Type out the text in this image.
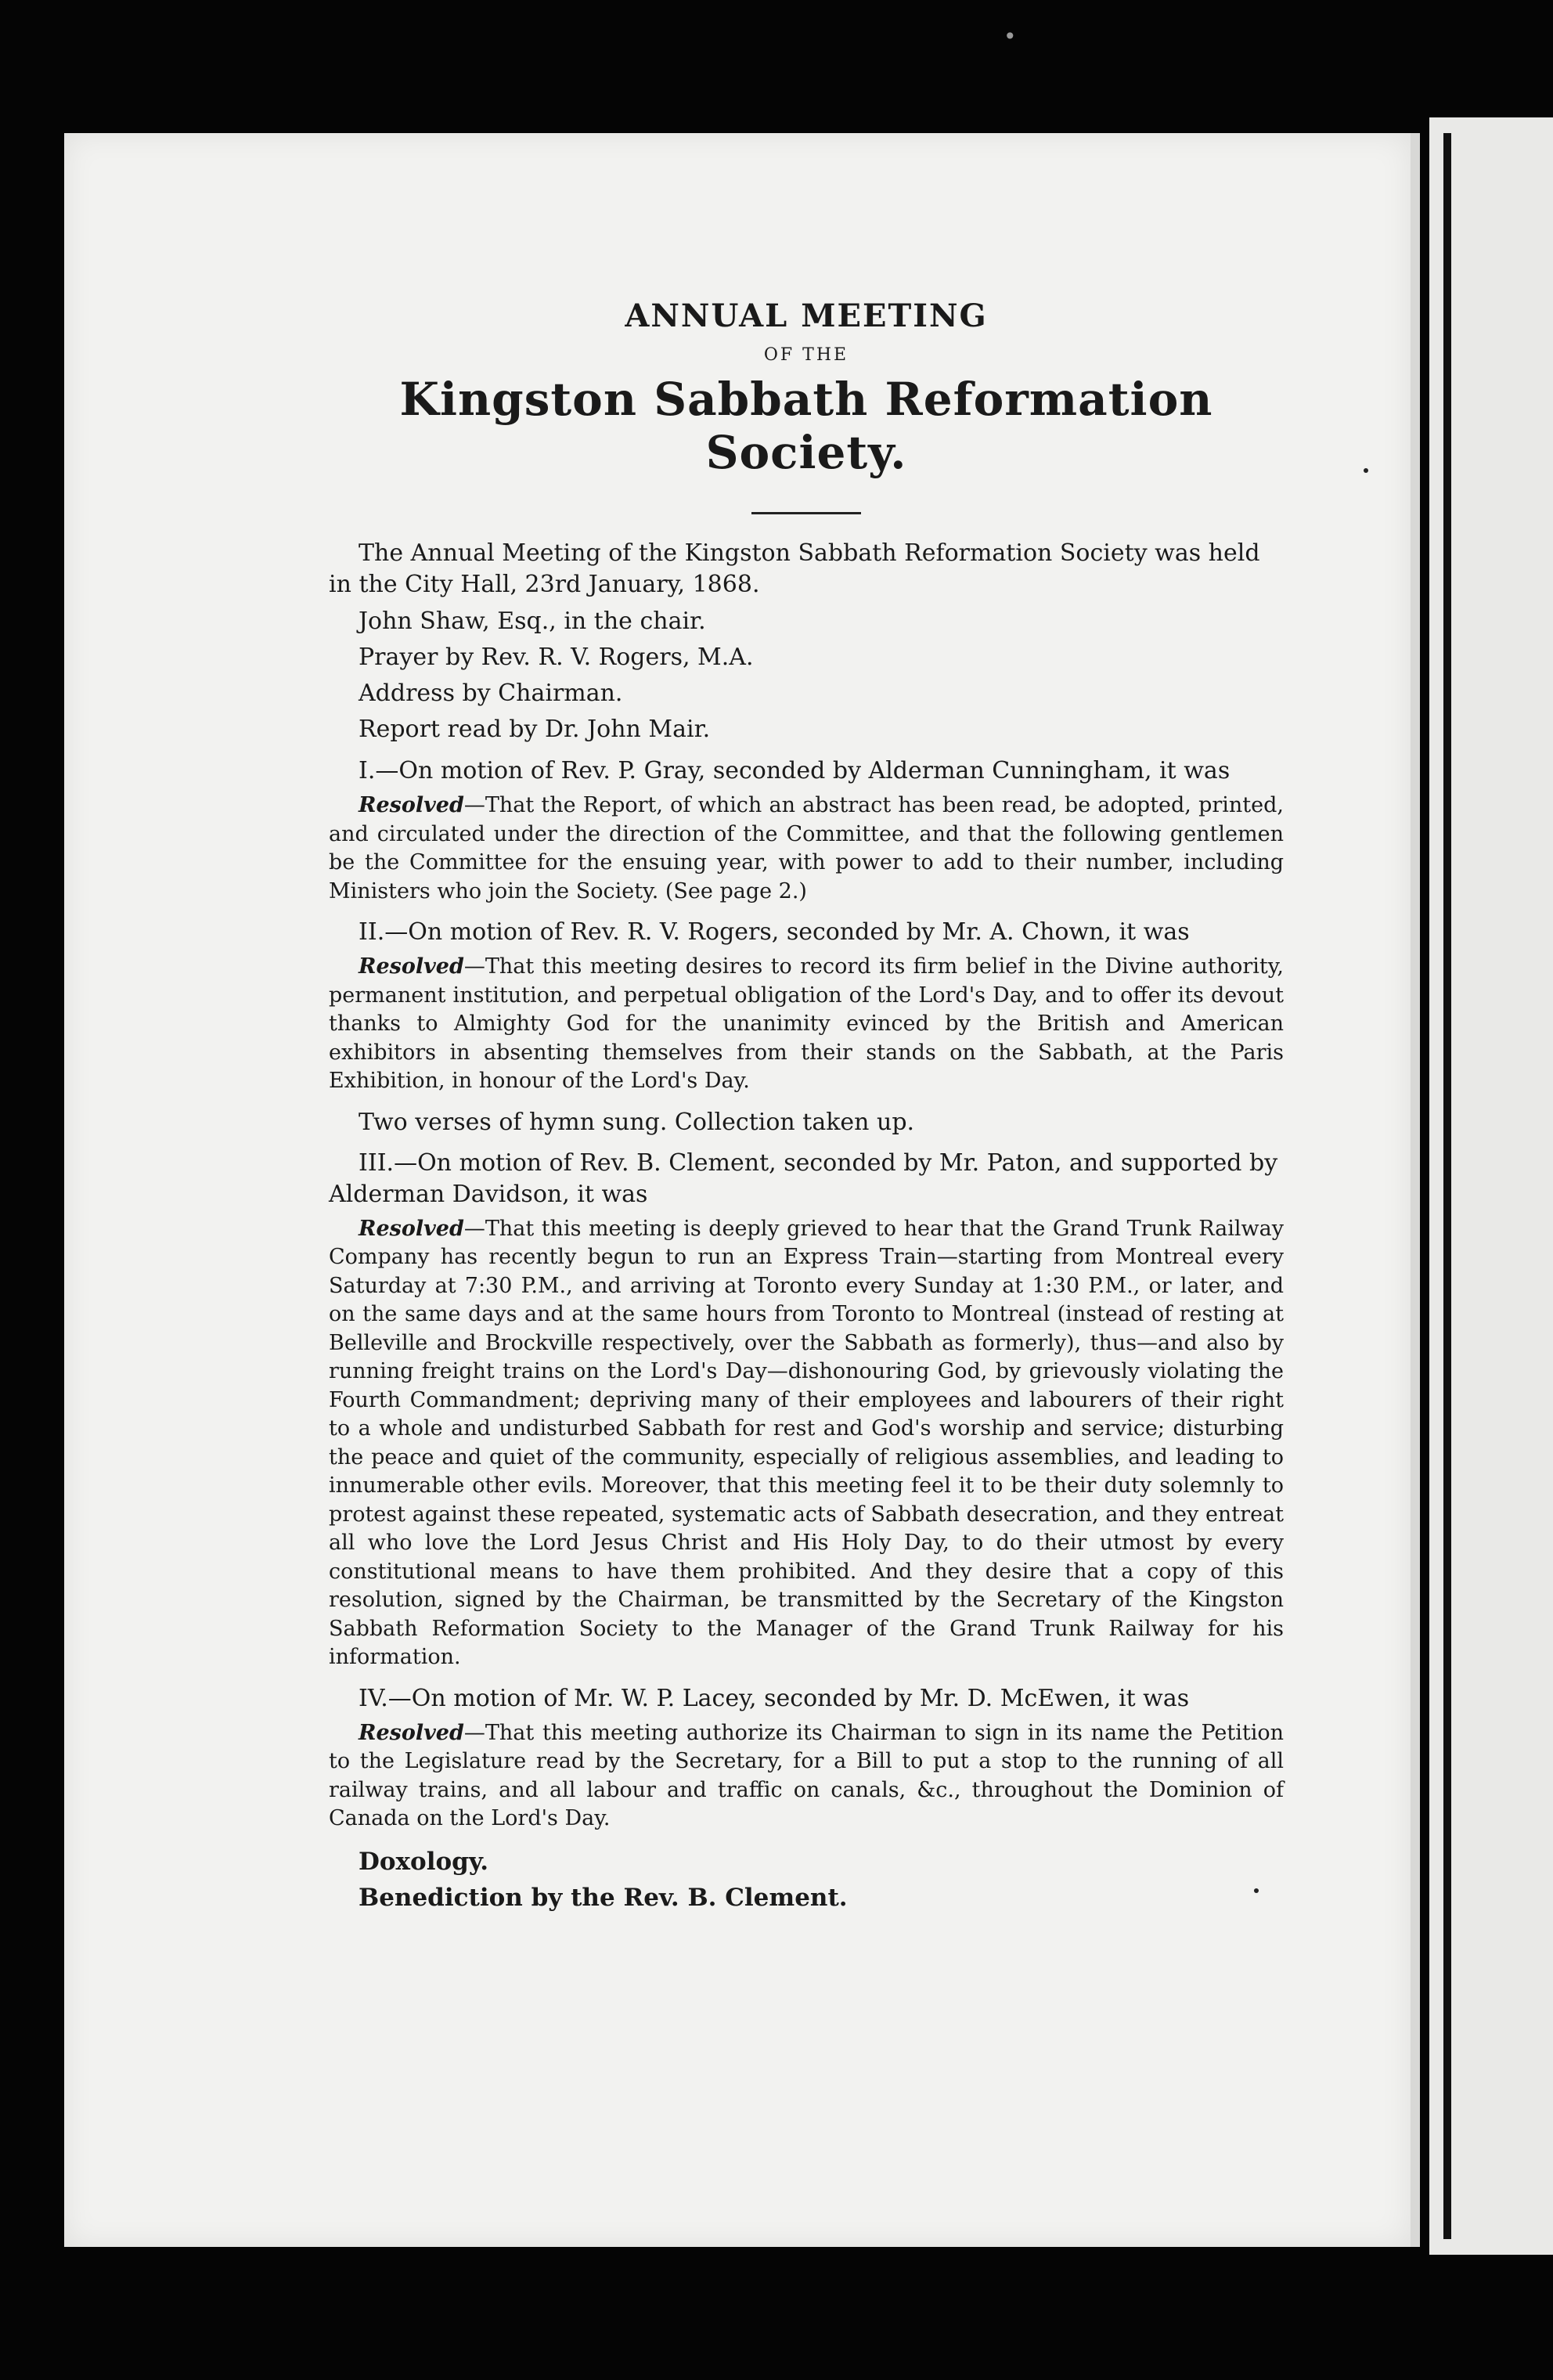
•
ANNUAL MEETING
OF THE
Kingston Sabbath Reformation Society.

The Annual Meeting of the Kingston Sabbath Reformation Society was held in the City Hall, 23rd January, 1868.

John Shaw, Esq., in the chair.

Prayer by Rev. R. V. Rogers, M.A.

Address by Chairman.

Report read by Dr. John Mair.

I.—On motion of Rev. P. Gray, seconded by Alderman Cunningham, it was

Resolved—That the Report, of which an abstract has been read, be adopted, printed, and circulated under the direction of the Committee, and that the following gentlemen be the Committee for the ensuing year, with power to add to their number, including Ministers who join the Society. (See page 2.)

II.—On motion of Rev. R. V. Rogers, seconded by Mr. A. Chown, it was

Resolved—That this meeting desires to record its firm belief in the Divine authority, permanent institution, and perpetual obligation of the Lord's Day, and to offer its devout thanks to Almighty God for the unanimity evinced by the British and American exhibitors in absenting themselves from their stands on the Sabbath, at the Paris Exhibition, in honour of the Lord's Day.

Two verses of hymn sung. Collection taken up.

III.—On motion of Rev. B. Clement, seconded by Mr. Paton, and supported by Alderman Davidson, it was

Resolved—That this meeting is deeply grieved to hear that the Grand Trunk Railway Company has recently begun to run an Express Train—starting from Montreal every Saturday at 7:30 P.M., and arriving at Toronto every Sunday at 1:30 P.M., or later, and on the same days and at the same hours from Toronto to Montreal (instead of resting at Belleville and Brockville respectively, over the Sabbath as formerly), thus—and also by running freight trains on the Lord's Day—dishonouring God, by grievously violating the Fourth Commandment; depriving many of their employees and labourers of their right to a whole and undisturbed Sabbath for rest and God's worship and service; disturbing the peace and quiet of the community, especially of religious assemblies, and leading to innumerable other evils. Moreover, that this meeting feel it to be their duty solemnly to protest against these repeated, systematic acts of Sabbath desecration, and they entreat all who love the Lord Jesus Christ and His Holy Day, to do their utmost by every constitutional means to have them prohibited. And they desire that a copy of this resolution, signed by the Chairman, be transmitted by the Secretary of the Kingston Sabbath Reformation Society to the Manager of the Grand Trunk Railway for his information.

IV.—On motion of Mr. W. P. Lacey, seconded by Mr. D. McEwen, it was

Resolved—That this meeting authorize its Chairman to sign in its name the Petition to the Legislature read by the Secretary, for a Bill to put a stop to the running of all railway trains, and all labour and traffic on canals, &c., throughout the Dominion of Canada on the Lord's Day.

Doxology.

Benediction by the Rev. B. Clement.
